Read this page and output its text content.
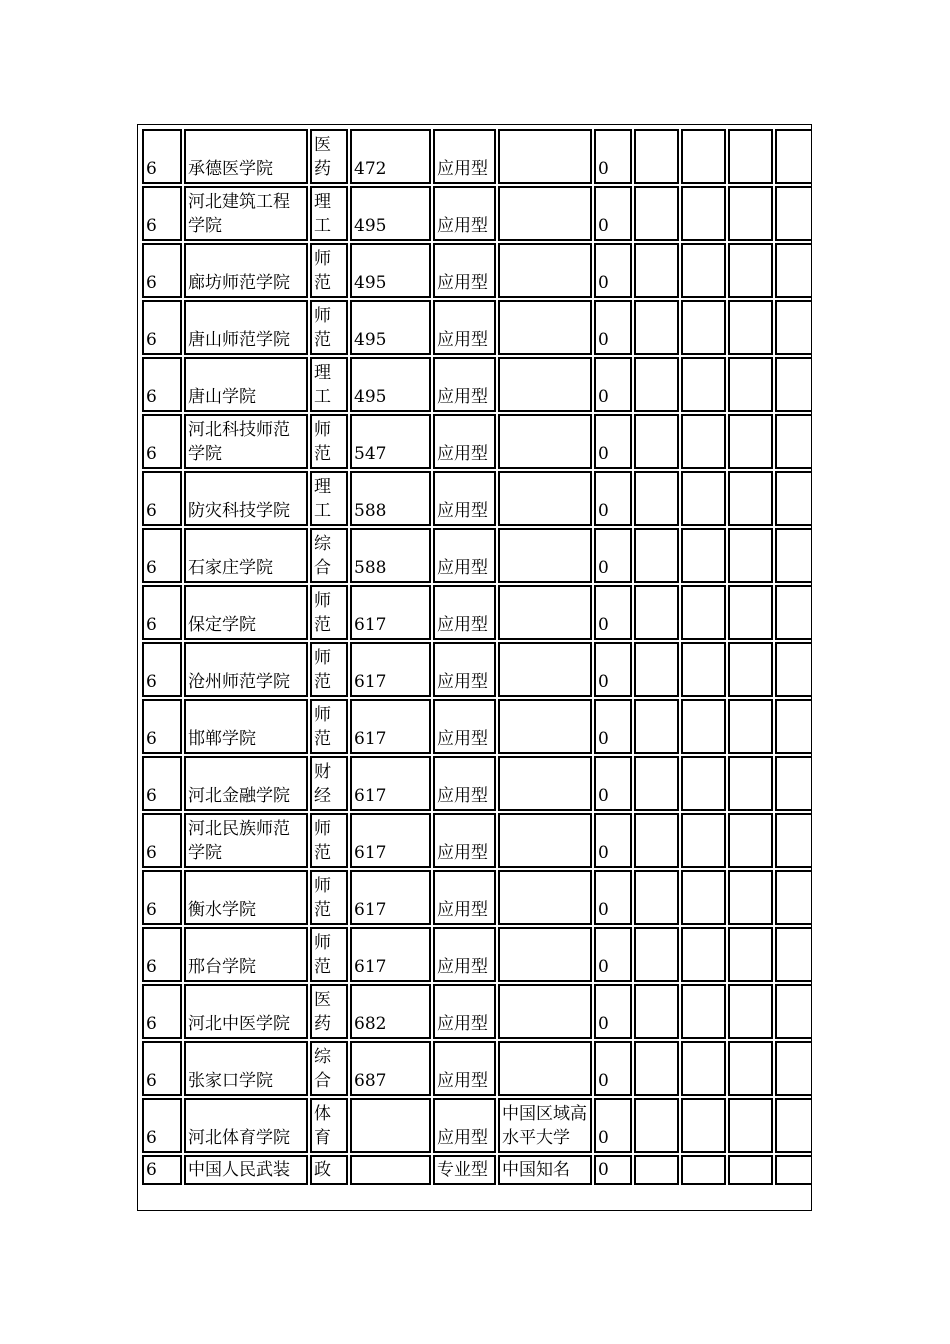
6	承德医学院	医药	472	应用型		0				
6	河北建筑工程学院	理工	495	应用型		0				
6	廊坊师范学院	师范	495	应用型		0				
6	唐山师范学院	师范	495	应用型		0				
6	唐山学院	理工	495	应用型		0				
6	河北科技师范学院	师范	547	应用型		0				
6	防灾科技学院	理工	588	应用型		0				
6	石家庄学院	综合	588	应用型		0				
6	保定学院	师范	617	应用型		0				
6	沧州师范学院	师范	617	应用型		0				
6	邯郸学院	师范	617	应用型		0				
6	河北金融学院	财经	617	应用型		0				
6	河北民族师范学院	师范	617	应用型		0				
6	衡水学院	师范	617	应用型		0				
6	邢台学院	师范	617	应用型		0				
6	河北中医学院	医药	682	应用型		0				
6	张家口学院	综合	687	应用型		0				
6	河北体育学院	体育		应用型	中国区域高水平大学	0				
6	中国人民武装	政		专业型	中国知名	0				
